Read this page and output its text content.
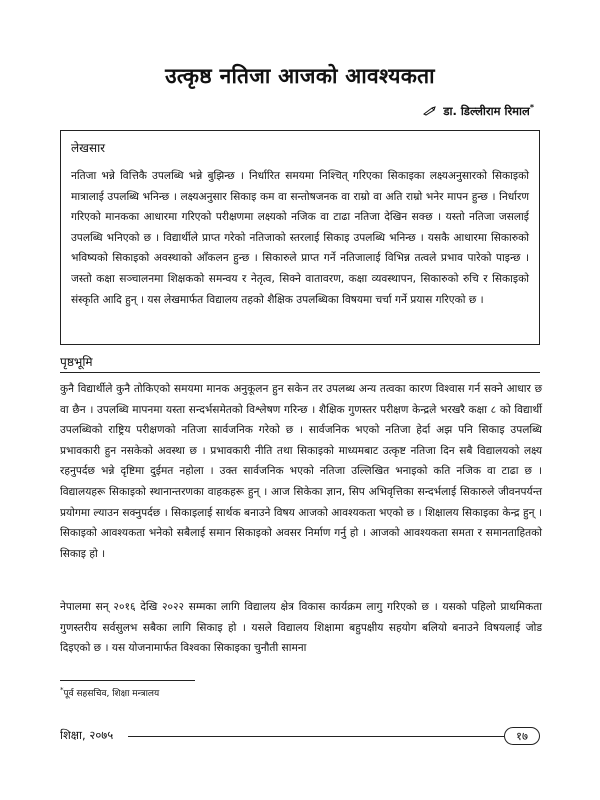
उत्कृष्ठ नतिजा आजको आवश्यकता
डा. डिल्लीराम रिमाल*
लेखसार
नतिजा भन्ने वित्तिकै उपलब्धि भन्ने बुझिन्छ । निर्धारित समयमा निश्चित् गरिएका सिकाइका लक्ष्यअनुसारको सिकाइको मात्रालाई उपलब्धि भनिन्छ । लक्ष्यअनुसार सिकाइ कम वा सन्तोषजनक वा राम्रो वा अति राम्रो भनेर मापन हुन्छ । निर्धारण गरिएको मानकका आधारमा गरिएको परीक्षणमा लक्ष्यको नजिक वा टाढा नतिजा देखिन सक्छ । यस्तो नतिजा जसलाई उपलब्धि भनिएको छ । विद्यार्थीले प्राप्त गरेको नतिजाको स्तरलाई सिकाइ उपलब्धि भनिन्छ । यसकै आधारमा सिकारुको भविष्यको सिकाइको अवस्थाको आँकलन हुन्छ । सिकारुले प्राप्त गर्ने नतिजालाई विभिन्न तत्वले प्रभाव पारेको पाइन्छ । जस्तो कक्षा सञ्चालनमा शिक्षकको समन्वय र नेतृत्व, सिक्ने वातावरण, कक्षा व्यवस्थापन, सिकारुको रुचि र सिकाइको संस्कृति आदि हुन् । यस लेखमार्फत विद्यालय तहको शैक्षिक उपलब्धिका विषयमा चर्चा गर्ने प्रयास गरिएको छ ।
पृष्ठभूमि
कुनै विद्यार्थीले कुनै तोकिएको समयमा मानक अनुकूलन हुन सकेन तर उपलब्ध अन्य तत्वका कारण विश्वास गर्न सक्ने आधार छ वा छैन । उपलब्धि मापनमा यस्ता सन्दर्भसमेतको विश्लेषण गरिन्छ । शैक्षिक गुणस्तर परीक्षण केन्द्रले भरखरै कक्षा ८ को विद्यार्थी उपलब्धिको राष्ट्रिय परीक्षणको नतिजा सार्वजनिक गरेको छ । सार्वजनिक भएको नतिजा हेर्दा अझ पनि सिकाइ उपलब्धि प्रभावकारी हुन नसकेको अवस्था छ । प्रभावकारी नीति तथा सिकाइको माध्यमबाट उत्कृष्ट नतिजा दिन सबै विद्यालयको लक्ष्य रहनुपर्दछ भन्ने दृष्टिमा दुईमत नहोला । उक्त सार्वजनिक भएको नतिजा उल्लिखित भनाइको कति नजिक वा टाढा छ । विद्यालयहरू सिकाइको स्थानान्तरणका वाहकहरू हुन् । आज सिकेका ज्ञान, सिप अभिवृत्तिका सन्दर्भलाई सिकारुले जीवनपर्यन्त प्रयोगमा ल्याउन सक्नुपर्दछ । सिकाइलाई सार्थक बनाउने विषय आजको आवश्यकता भएको छ । शिक्षालय सिकाइका केन्द्र हुन् । सिकाइको आवश्यकता भनेको सबैलाई समान सिकाइको अवसर निर्माण गर्नु हो । आजको आवश्यकता समता र समानताहितको सिकाइ हो ।
नेपालमा सन् २०१६ देखि २०२२ सम्मका लागि विद्यालय क्षेत्र विकास कार्यक्रम लागु गरिएको छ । यसको पहिलो प्राथमिकता गुणस्तरीय सर्वसुलभ सबैका लागि सिकाइ हो । यसले विद्यालय शिक्षामा बहुपक्षीय सहयोग बलियो बनाउने विषयलाई जोड दिइएको छ । यस योजनामार्फत विश्वका सिकाइका चुनौती सामना
*पूर्व सहसचिव, शिक्षा मन्त्रालय
शिक्षा, २०७५	१७
